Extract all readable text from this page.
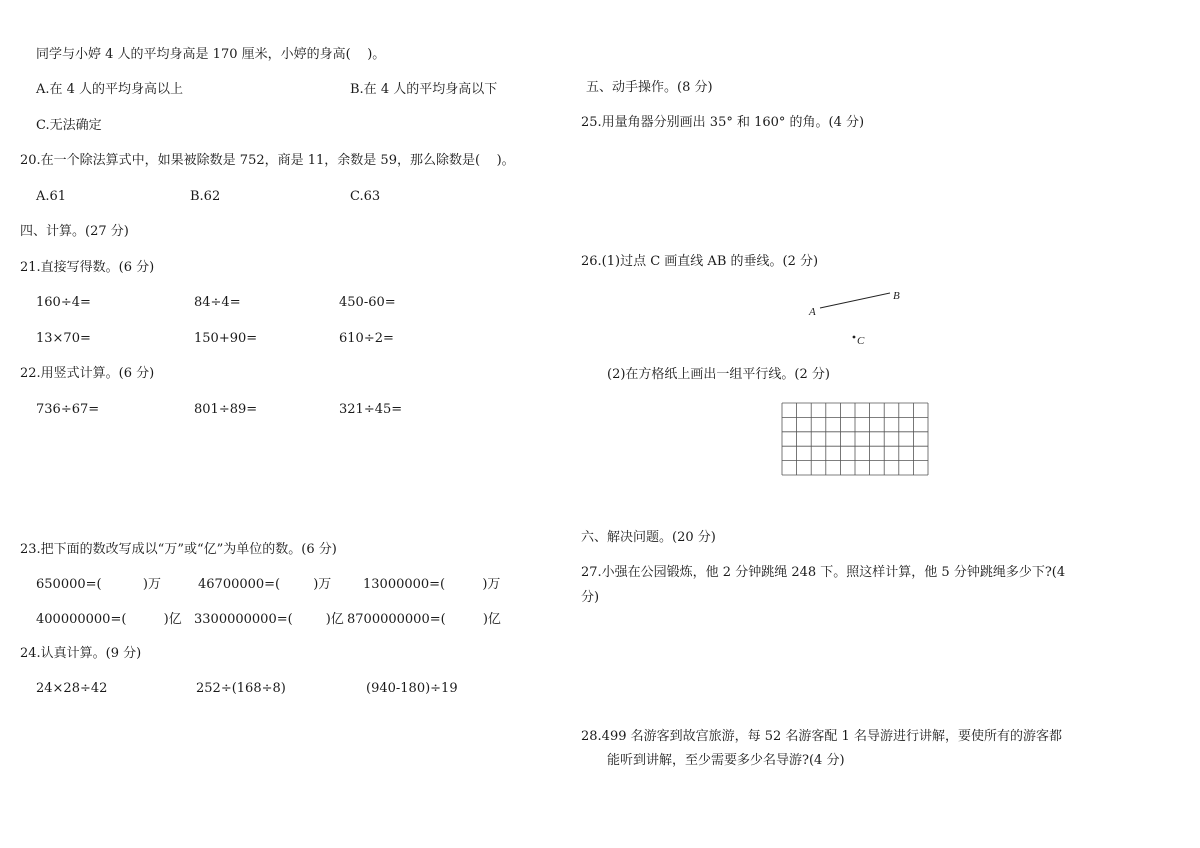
同学与小婷 4 人的平均身高是 170 厘米，小婷的身高(    )。
A.在 4 人的平均身高以上	B.在 4 人的平均身高以下
C.无法确定
20.在一个除法算式中，如果被除数是 752，商是 11，余数是 59，那么除数是(    )。
A.61	B.62	C.63
四、计算。(27 分)
21.直接写得数。(6 分)
160÷4=	84÷4=	450-60=
13×70=	150+90=	610÷2=
22.用竖式计算。(6 分)
736÷67=	801÷89=	321÷45=
23.把下面的数改写成以“万”或“亿”为单位的数。(6 分)
650000=(          )万	46700000=(        )万 13000000=(         )万
400000000=(         )亿 3300000000=(        )亿 8700000000=(         )亿
24.认真计算。(9 分)
24×28÷42	252÷(168÷8)	(940-180)÷19
五、动手操作。(8 分)
25.用量角器分别画出 35° 和 160° 的角。(4 分)
26.(1)过点 C 画直线 AB 的垂线。(2 分)
A
B
C
(2)在方格纸上画出一组平行线。(2 分)
六、解决问题。(20 分)
27.小强在公园锻炼，他 2 分钟跳绳 248 下。照这样计算，他 5 分钟跳绳多少下?(4
分)
28.499 名游客到故宫旅游，每 52 名游客配 1 名导游进行讲解，要使所有的游客都
能听到讲解，至少需要多少名导游?(4 分)
